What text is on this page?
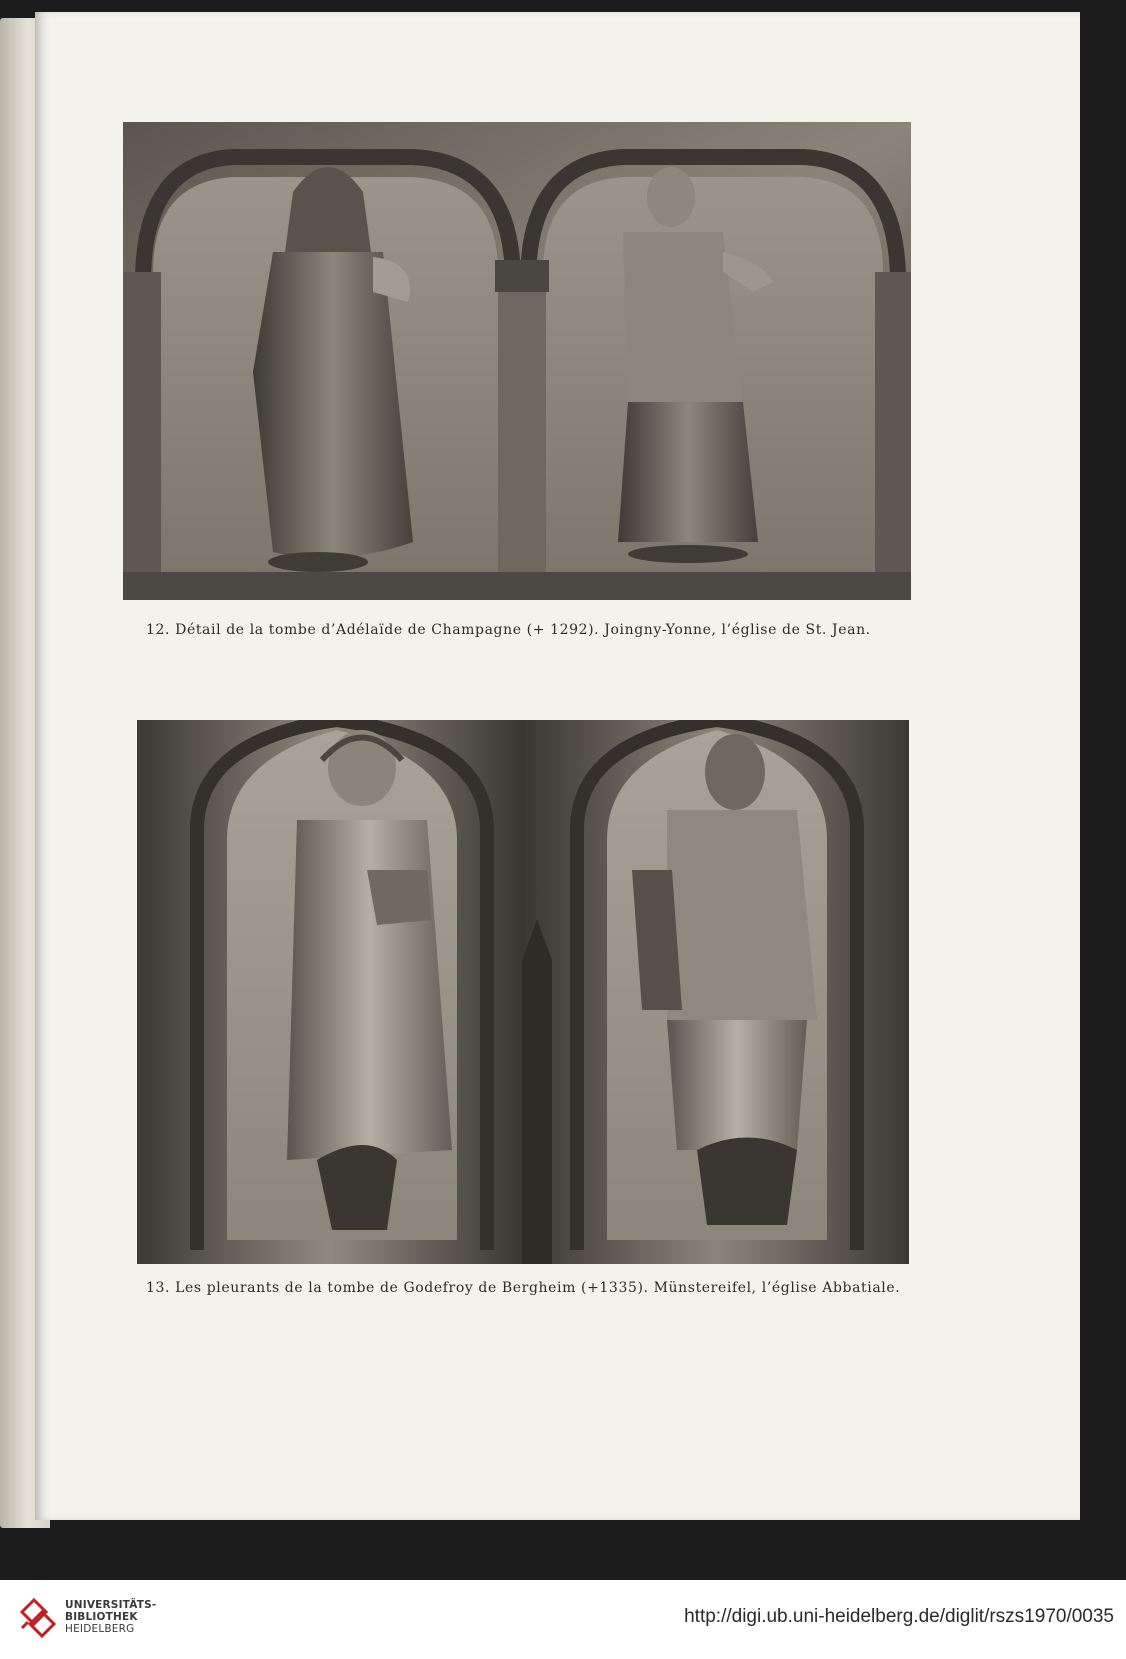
12. Détail de la tombe d’Adélaïde de Champagne (+ 1292). Joingny-Yonne, l’église de St. Jean.
13. Les pleurants de la tombe de Godefroy de Bergheim (+1335). Münstereifel, l’église Abbatiale.
UNIVERSITÄTS-
BIBLIOTHEK
HEIDELBERG
http://digi.ub.uni-heidelberg.de/diglit/rszs1970/0035
